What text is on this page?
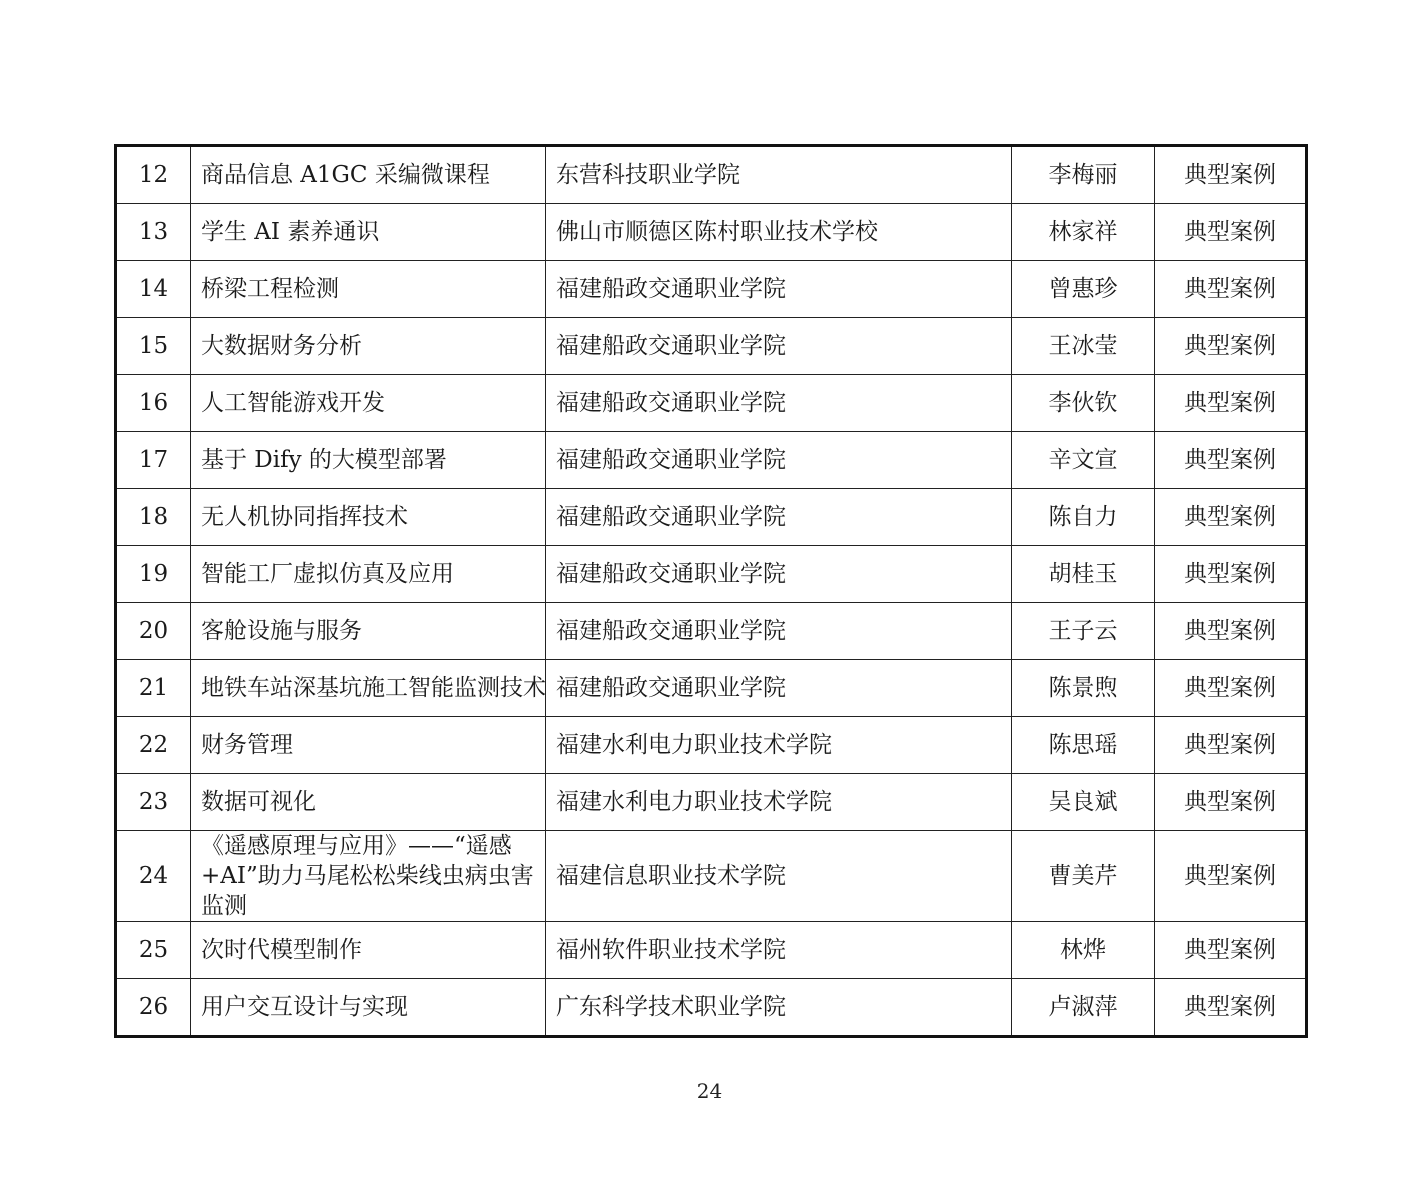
12	商品信息 A1GC 采编微课程	东营科技职业学院	李梅丽	典型案例
13	学生 AI 素养通识	佛山市顺德区陈村职业技术学校	林家祥	典型案例
14	桥梁工程检测	福建船政交通职业学院	曾惠珍	典型案例
15	大数据财务分析	福建船政交通职业学院	王冰莹	典型案例
16	人工智能游戏开发	福建船政交通职业学院	李伙钦	典型案例
17	基于 Dify 的大模型部署	福建船政交通职业学院	辛文宣	典型案例
18	无人机协同指挥技术	福建船政交通职业学院	陈自力	典型案例
19	智能工厂虚拟仿真及应用	福建船政交通职业学院	胡桂玉	典型案例
20	客舱设施与服务	福建船政交通职业学院	王子云	典型案例
21	地铁车站深基坑施工智能监测技术	福建船政交通职业学院	陈景煦	典型案例
22	财务管理	福建水利电力职业技术学院	陈思瑶	典型案例
23	数据可视化	福建水利电力职业技术学院	吴良斌	典型案例
24	《遥感原理与应用》——“遥感+AI”助力马尾松松柴线虫病虫害监测	福建信息职业技术学院	曹美芹	典型案例
25	次时代模型制作	福州软件职业技术学院	林烨	典型案例
26	用户交互设计与实现	广东科学技术职业学院	卢淑萍	典型案例
24
